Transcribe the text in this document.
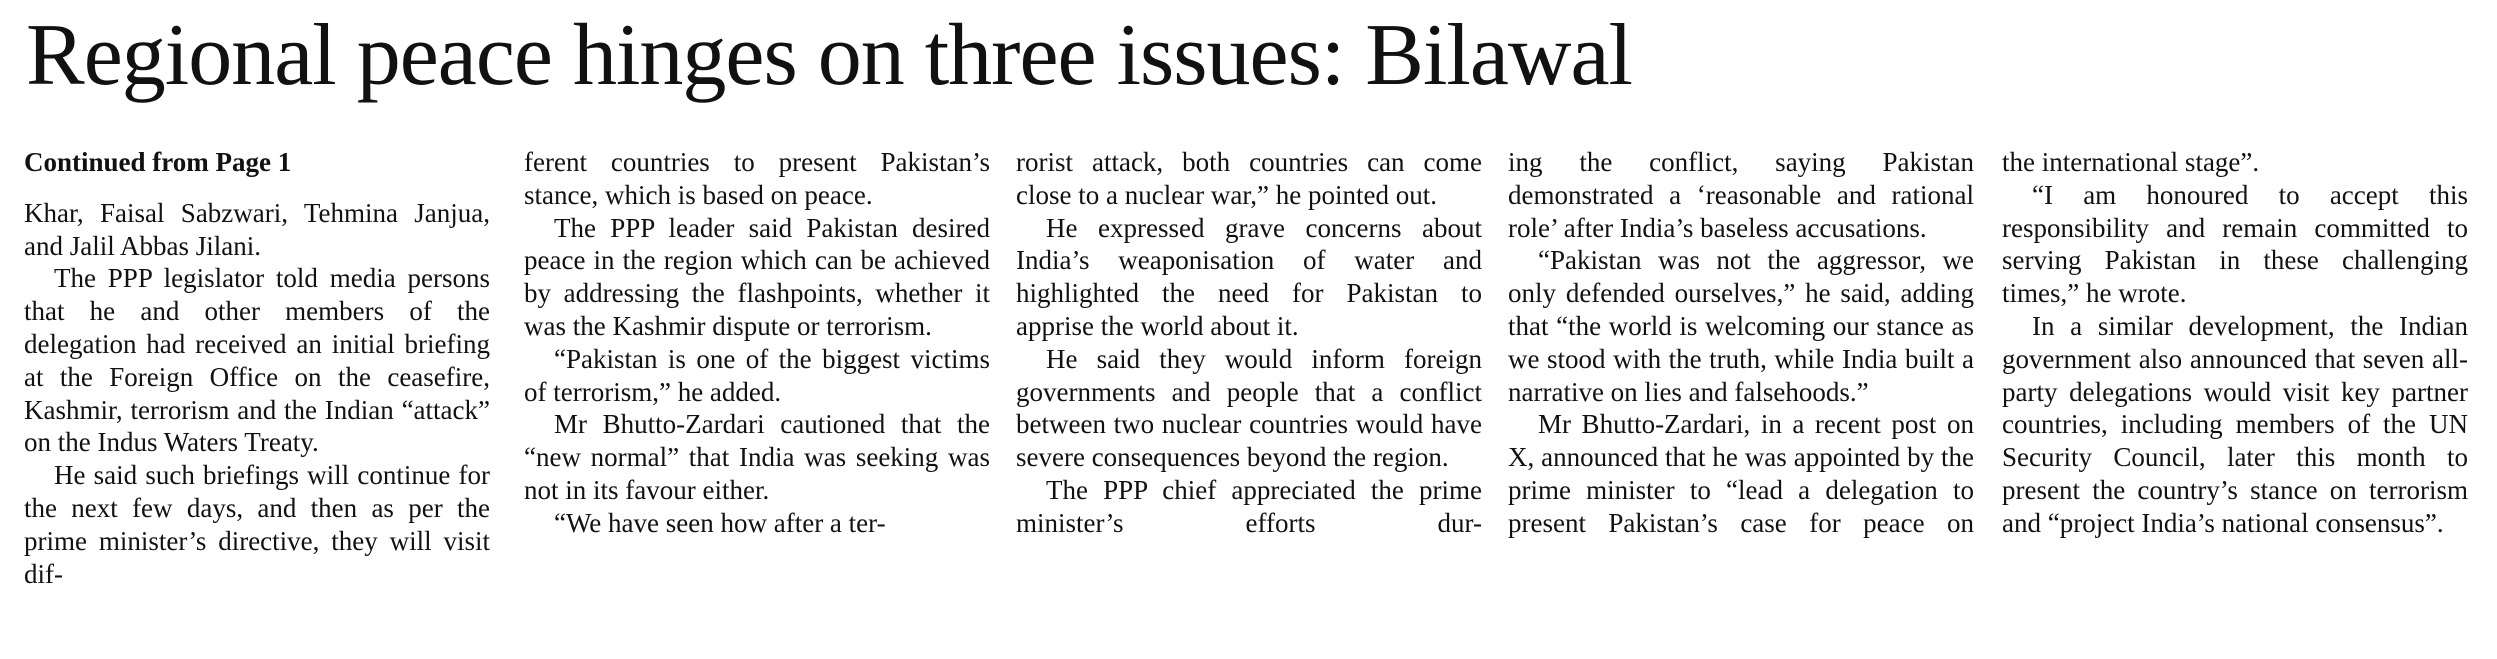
Regional peace hinges on three issues: Bilawal

Continued from Page 1

Khar, Faisal Sabzwari, Tehmina Janjua, and Jalil Abbas Jilani.

The PPP legislator told media persons that he and other members of the delegation had received an initial briefing at the Foreign Office on the ceasefire, Kashmir, terrorism and the Indian “attack” on the Indus Waters Treaty.

He said such briefings will continue for the next few days, and then as per the prime minister’s directive, they will visit dif-

ferent countries to present Pakistan’s stance, which is based on peace.

The PPP leader said Pakistan desired peace in the region which can be achieved by addressing the flashpoints, whether it was the Kashmir dispute or terrorism.

“Pakistan is one of the biggest victims of terrorism,” he added.

Mr Bhutto-Zardari cautioned that the “new normal” that India was seeking was not in its favour either.

“We have seen how after a ter-

rorist attack, both countries can come close to a nuclear war,” he pointed out.

He expressed grave concerns about India’s weaponisation of water and highlighted the need for Pakistan to apprise the world about it.

He said they would inform foreign governments and people that a conflict between two nuclear countries would have severe consequences beyond the region.

The PPP chief appreciated the prime minister’s efforts dur-

ing the conflict, saying Pakistan demonstrated a ‘reasonable and rational role’ after India’s baseless accusations.

“Pakistan was not the aggressor, we only defended ourselves,” he said, adding that “the world is welcoming our stance as we stood with the truth, while India built a narrative on lies and falsehoods.”

Mr Bhutto-Zardari, in a recent post on X, announced that he was appointed by the prime minister to “lead a delegation to present Pakistan’s case for peace on

the international stage”.

“I am honoured to accept this responsibility and remain committed to serving Pakistan in these challenging times,” he wrote.

In a similar development, the Indian government also announced that seven all-party delegations would visit key partner countries, including members of the UN Security Council, later this month to present the country’s stance on terrorism and “project India’s national consensus”.
